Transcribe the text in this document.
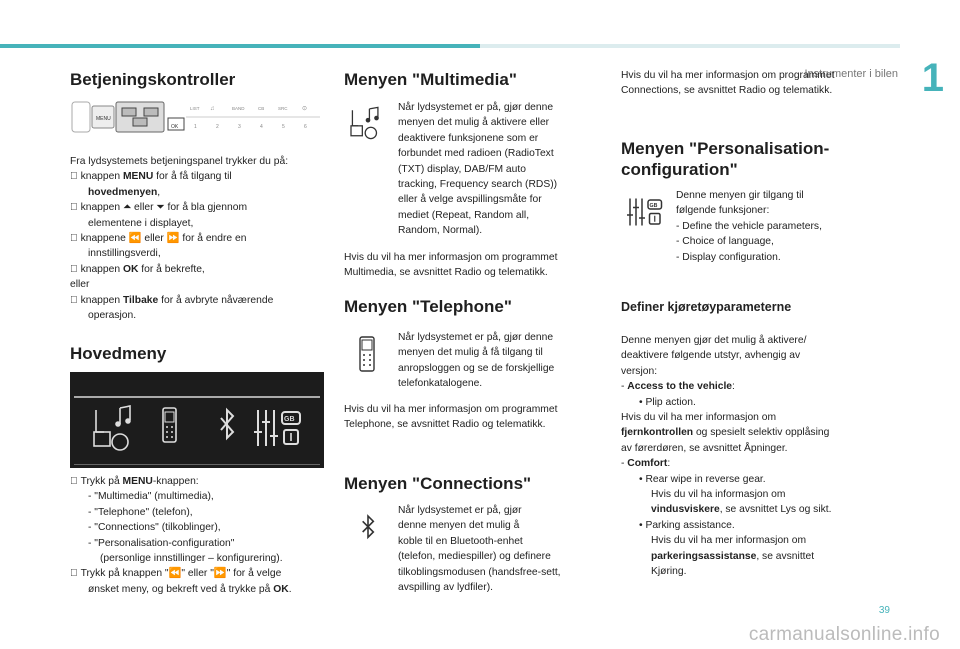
Instrumenter i bilen 1
Betjeningskontroller
MENU
OK
LIST ♫	BAND	CB	SRC ⊙
1	2	3	4	5	6

Fra lydsystemets betjeningspanel trykker du på:

knappen MENU for å få tilgang til

hovedmenyen,

knappen ⏶ eller ⏷ for å bla gjennom

elementene i displayet,

knappene ⏪ eller ⏩ for å endre en

innstillingsverdi,

knappen OK for å bekrefte,

eller

knappen Tilbake for å avbryte nåværende

operasjon.

Hovedmeny
GB

Trykk på MENU-knappen:

- "Multimedia" (multimedia),

- "Telephone" (telefon),

- "Connections" (tilkoblinger),

- "Personalisation-configuration"

(personlige innstillinger – konfigurering).

Trykk på knappen "⏪" eller "⏩" for å velge

ønsket meny, og bekreft ved å trykke på OK.

Menyen "Multimedia"

Når lydsystemet er på, gjør denne

menyen det mulig å aktivere eller

deaktivere funksjonene som er

forbundet med radioen (RadioText

(TXT) display, DAB/FM auto

tracking, Frequency search (RDS))

eller å velge avspillingsmåte for

mediet (Repeat, Random all,

Random, Normal).

Hvis du vil ha mer informasjon om programmet

Multimedia, se avsnittet Radio og telematikk.

Menyen "Telephone"

Når lydsystemet er på, gjør denne

menyen det mulig å få tilgang til

anropsloggen og se de forskjellige

telefonkatalogene.

Hvis du vil ha mer informasjon om programmet

Telephone, se avsnittet Radio og telematikk.

Menyen "Connections"

Når lydsystemet er på, gjør

denne menyen det mulig å

koble til en Bluetooth-enhet

(telefon, mediespiller) og definere

tilkoblingsmodusen (handsfree-sett,

avspilling av lydfiler).

Hvis du vil ha mer informasjon om programmet

Connections, se avsnittet Radio og telematikk.

Menyen "Personalisation-
configuration"
GB

Denne menyen gir tilgang til

følgende funksjoner:

- Define the vehicle parameters,

- Choice of language,

- Display configuration.

Definer kjøretøyparameterne

Denne menyen gjør det mulig å aktivere/

deaktivere følgende utstyr, avhengig av

versjon:

- Access to the vehicle:

• Plip action.

Hvis du vil ha mer informasjon om

fjernkontrollen og spesielt selektiv opplåsing

av førerdøren, se avsnittet Åpninger.

- Comfort:

• Rear wipe in reverse gear.

Hvis du vil ha informasjon om

vindusviskere, se avsnittet Lys og sikt.

• Parking assistance.

Hvis du vil ha mer informasjon om

parkeringsassistanse, se avsnittet

Kjøring.

39
carmanualsonline.info
